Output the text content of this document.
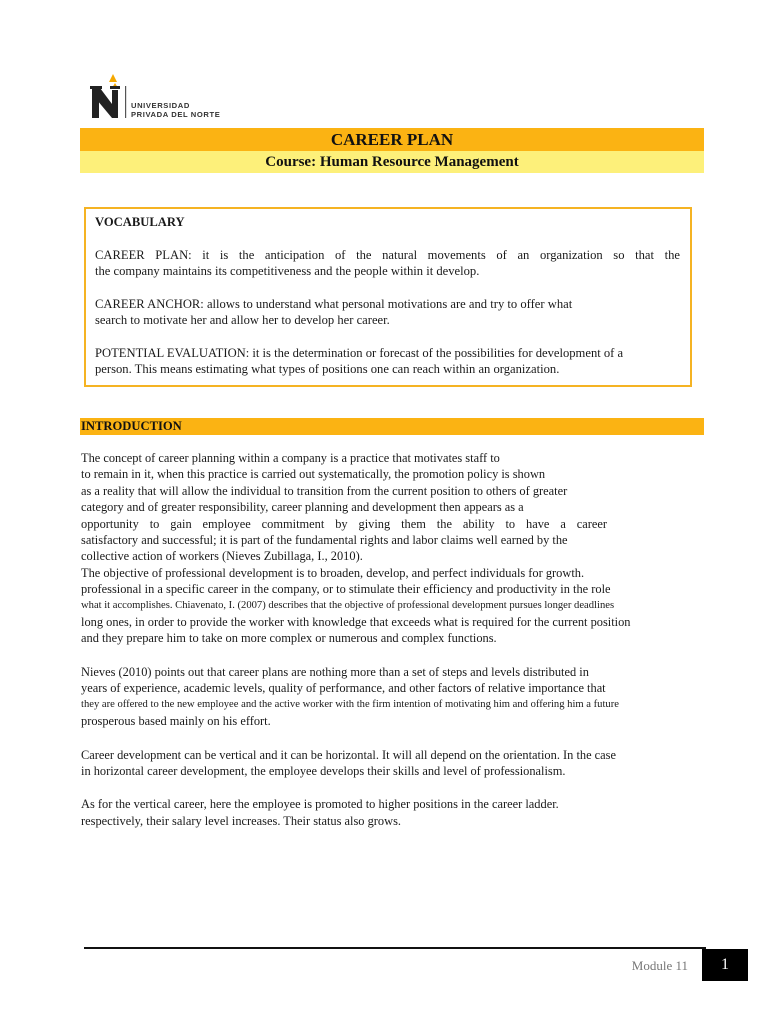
UNIVERSIDAD
PRIVADA DEL NORTE
CAREER PLAN
Course: Human Resource Management
VOCABULARY

CAREER PLAN: it is the anticipation of the natural movements of an organization so that the
the company maintains its competitiveness and the people within it develop.

CAREER ANCHOR: allows to understand what personal motivations are and try to offer what
search to motivate her and allow her to develop her career.

POTENTIAL EVALUATION: it is the determination or forecast of the possibilities for development of a
person. This means estimating what types of positions one can reach within an organization.

INTRODUCTION
The concept of career planning within a company is a practice that motivates staff to
to remain in it, when this practice is carried out systematically, the promotion policy is shown
as a reality that will allow the individual to transition from the current position to others of greater
category and of greater responsibility, career planning and development then appears as a
opportunity to gain employee commitment by giving them the ability to have a career
satisfactory and successful; it is part of the fundamental rights and labor claims well earned by the
collective action of workers (Nieves Zubillaga, I., 2010).
The objective of professional development is to broaden, develop, and perfect individuals for growth.
professional in a specific career in the company, or to stimulate their efficiency and productivity in the role
what it accomplishes. Chiavenato, I. (2007) describes that the objective of professional development pursues longer deadlines
long ones, in order to provide the worker with knowledge that exceeds what is required for the current position
and they prepare him to take on more complex or numerous and complex functions.
Nieves (2010) points out that career plans are nothing more than a set of steps and levels distributed in
years of experience, academic levels, quality of performance, and other factors of relative importance that
they are offered to the new employee and the active worker with the firm intention of motivating him and offering him a future
prosperous based mainly on his effort.
Career development can be vertical and it can be horizontal. It will all depend on the orientation. In the case
in horizontal career development, the employee develops their skills and level of professionalism.
As for the vertical career, here the employee is promoted to higher positions in the career ladder.
respectively, their salary level increases. Their status also grows.
Module 11	1
